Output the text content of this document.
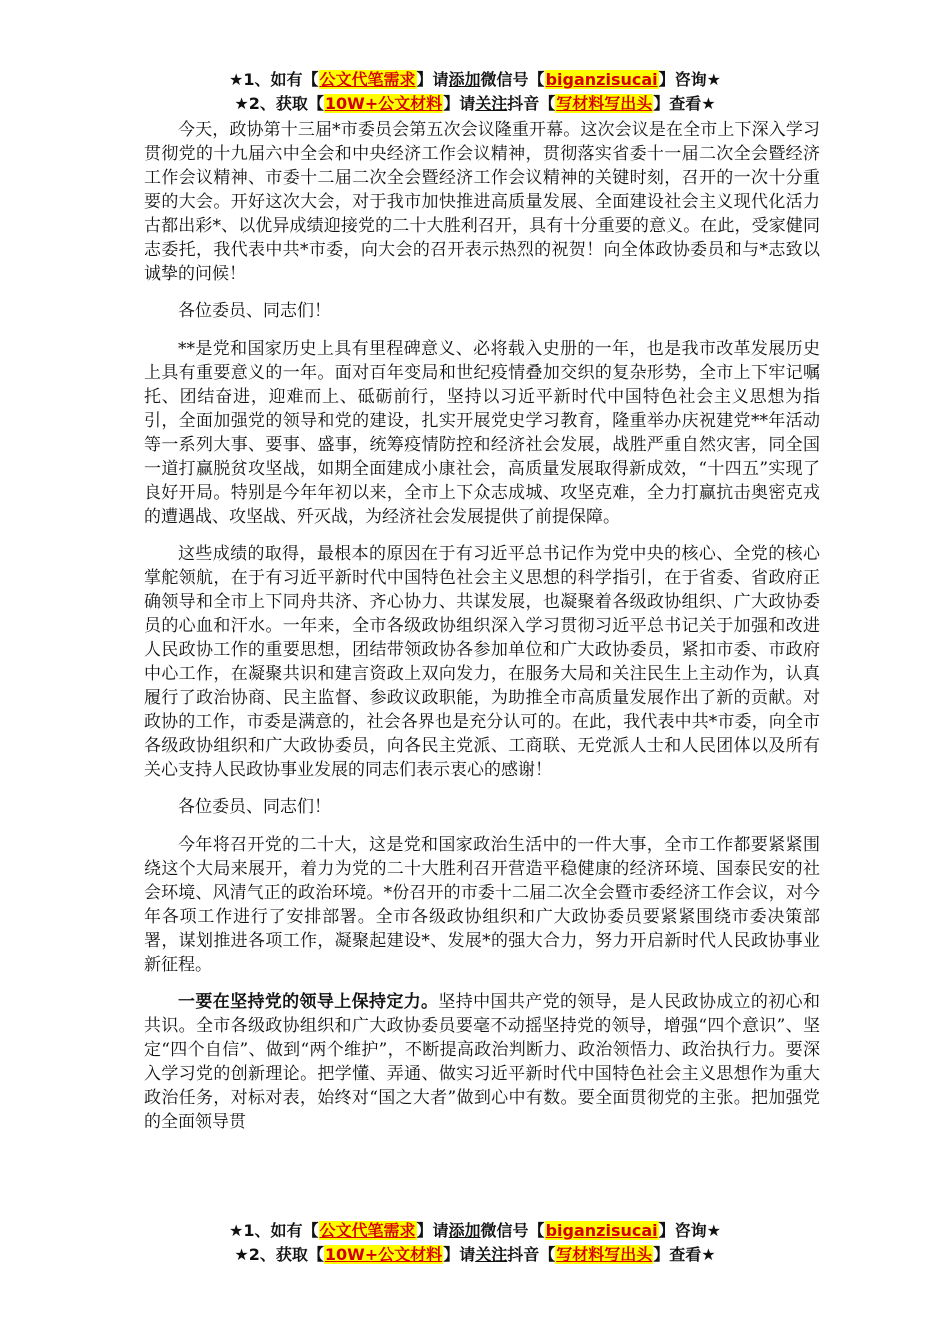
★1、如有【公文代笔需求】请添加微信号【biganzisucai】咨询★
★2、获取【10W+公文材料】请关注抖音【写材料写出头】查看★

今天，政协第十三届*市委员会第五次会议隆重开幕。这次会议是在全市上下深入学习贯彻党的十九届六中全会和中央经济工作会议精神，贯彻落实省委十一届二次全会暨经济工作会议精神、市委十二届二次全会暨经济工作会议精神的关键时刻，召开的一次十分重要的大会。开好这次大会，对于我市加快推进高质量发展、全面建设社会主义现代化活力古都出彩*、以优异成绩迎接党的二十大胜利召开，具有十分重要的意义。在此，受家健同志委托，我代表中共*市委，向大会的召开表示热烈的祝贺！向全体政协委员和与*志致以诚挚的问候！

各位委员、同志们！

**是党和国家历史上具有里程碑意义、必将载入史册的一年，也是我市改革发展历史上具有重要意义的一年。面对百年变局和世纪疫情叠加交织的复杂形势，全市上下牢记嘱托、团结奋进，迎难而上、砥砺前行，坚持以习近平新时代中国特色社会主义思想为指引，全面加强党的领导和党的建设，扎实开展党史学习教育，隆重举办庆祝建党**年活动等一系列大事、要事、盛事，统筹疫情防控和经济社会发展，战胜严重自然灾害，同全国一道打赢脱贫攻坚战，如期全面建成小康社会，高质量发展取得新成效，“十四五”实现了良好开局。特别是今年年初以来，全市上下众志成城、攻坚克难，全力打赢抗击奥密克戎的遭遇战、攻坚战、歼灭战，为经济社会发展提供了前提保障。

这些成绩的取得，最根本的原因在于有习近平总书记作为党中央的核心、全党的核心掌舵领航，在于有习近平新时代中国特色社会主义思想的科学指引，在于省委、省政府正确领导和全市上下同舟共济、齐心协力、共谋发展，也凝聚着各级政协组织、广大政协委员的心血和汗水。一年来，全市各级政协组织深入学习贯彻习近平总书记关于加强和改进人民政协工作的重要思想，团结带领政协各参加单位和广大政协委员，紧扣市委、市政府中心工作，在凝聚共识和建言资政上双向发力，在服务大局和关注民生上主动作为，认真履行了政治协商、民主监督、参政议政职能，为助推全市高质量发展作出了新的贡献。对政协的工作，市委是满意的，社会各界也是充分认可的。在此，我代表中共*市委，向全市各级政协组织和广大政协委员，向各民主党派、工商联、无党派人士和人民团体以及所有关心支持人民政协事业发展的同志们表示衷心的感谢！

各位委员、同志们！

今年将召开党的二十大，这是党和国家政治生活中的一件大事，全市工作都要紧紧围绕这个大局来展开，着力为党的二十大胜利召开营造平稳健康的经济环境、国泰民安的社会环境、风清气正的政治环境。*份召开的市委十二届二次全会暨市委经济工作会议，对今年各项工作进行了安排部署。全市各级政协组织和广大政协委员要紧紧围绕市委决策部署，谋划推进各项工作，凝聚起建设*、发展*的强大合力，努力开启新时代人民政协事业新征程。

一要在坚持党的领导上保持定力。坚持中国共产党的领导，是人民政协成立的初心和共识。全市各级政协组织和广大政协委员要毫不动摇坚持党的领导，增强“四个意识”、坚定“四个自信”、做到“两个维护”，不断提高政治判断力、政治领悟力、政治执行力。要深入学习党的创新理论。把学懂、弄通、做实习近平新时代中国特色社会主义思想作为重大政治任务，对标对表，始终对“国之大者”做到心中有数。要全面贯彻党的主张。把加强党的全面领导贯

★1、如有【公文代笔需求】请添加微信号【biganzisucai】咨询★
★2、获取【10W+公文材料】请关注抖音【写材料写出头】查看★
